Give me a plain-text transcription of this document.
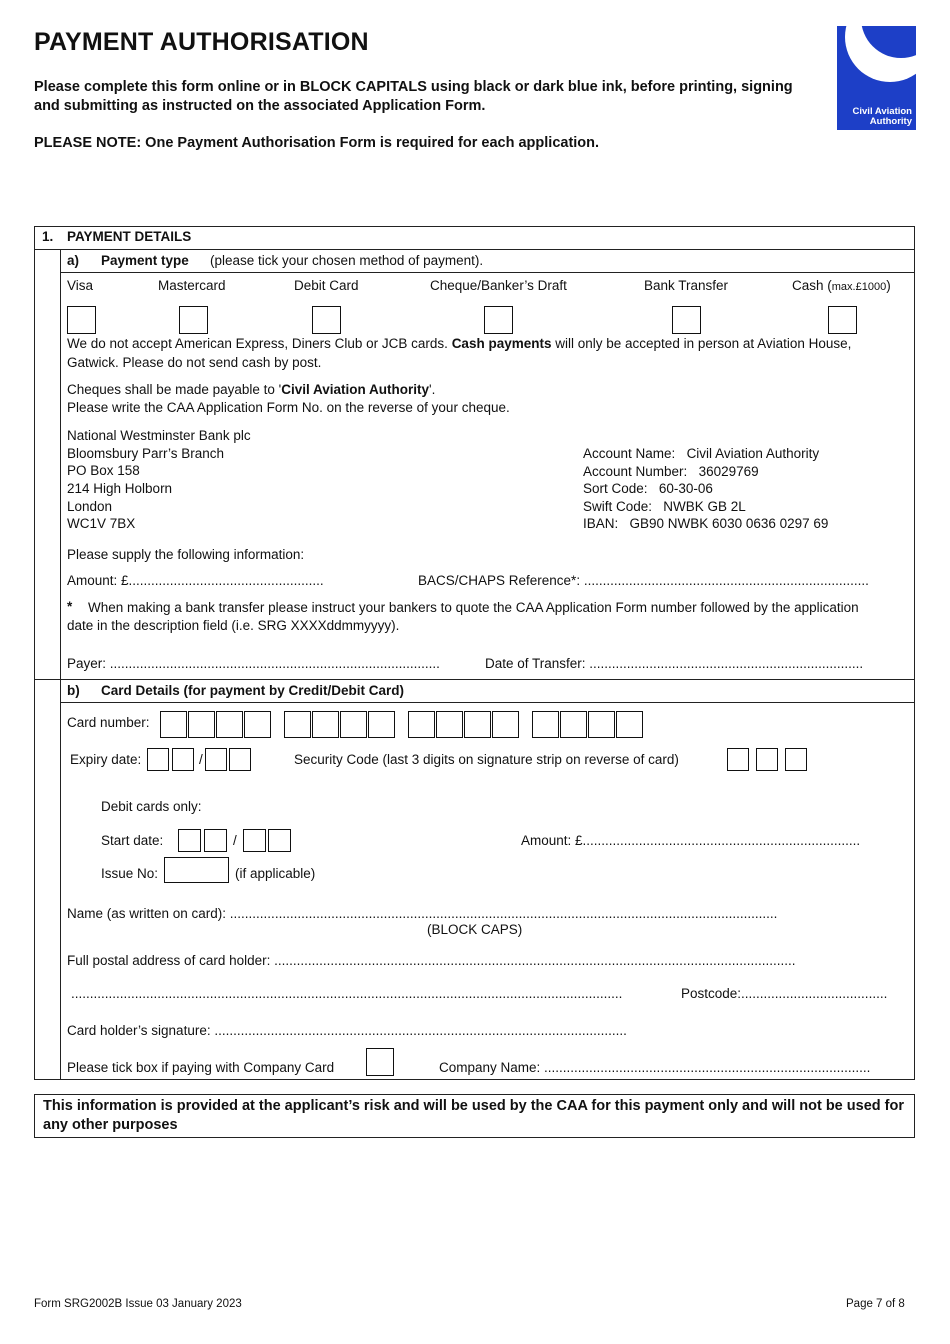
PAYMENT AUTHORISATION
Please complete this form online or in BLOCK CAPITALS using black or dark blue ink, before printing, signing and submitting as instructed on the associated Application Form.
PLEASE NOTE: One Payment Authorisation Form is required for each application.
Civil Aviation
Authority
1. PAYMENT DETAILS
a) Payment type (please tick your chosen method of payment).
Visa	Mastercard	Debit Card	Cheque/Banker’s Draft	Bank Transfer	Cash (max.£1000)
We do not accept American Express, Diners Club or JCB cards. Cash payments will only be accepted in person at Aviation House,
Gatwick. Please do not send cash by post.
Cheques shall be made payable to 'Civil Aviation Authority'.
Please write the CAA Application Form No. on the reverse of your cheque.
National Westminster Bank plc
Bloomsbury Parr’s Branch
PO Box 158
214 High Holborn
London
WC1V 7BX
Account Name: Civil Aviation Authority
Account Number: 36029769
Sort Code: 60-30-06
Swift Code: NWBK GB 2L
IBAN: GB90 NWBK 6030 0636 0297 69
Please supply the following information:
Amount: £....................................................	BACS/CHAPS Reference*: ............................................................................
* When making a bank transfer please instruct your bankers to quote the CAA Application Form number followed by the application
date in the description field (i.e. SRG XXXXddmmyyyy).
Payer: ........................................................................................	Date of Transfer: .........................................................................
b) Card Details (for payment by Credit/Debit Card)
Card number:
Expiry date:	/	Security Code (last 3 digits on signature strip on reverse of card)
Debit cards only:
Start date:	/	Amount: £..........................................................................
Issue No:	(if applicable)
Name (as written on card): ..................................................................................................................................................
(BLOCK CAPS)
Full postal address of card holder: ...........................................................................................................................................
...................................................................................................................................................	Postcode:.......................................
Card holder’s signature: ..............................................................................................................
Please tick box if paying with Company Card	Company Name: .......................................................................................
This information is provided at the applicant’s risk and will be used by the CAA for this payment only and will not be used for any other purposes
Form SRG2002B Issue 03 January 2023	Page 7 of 8
